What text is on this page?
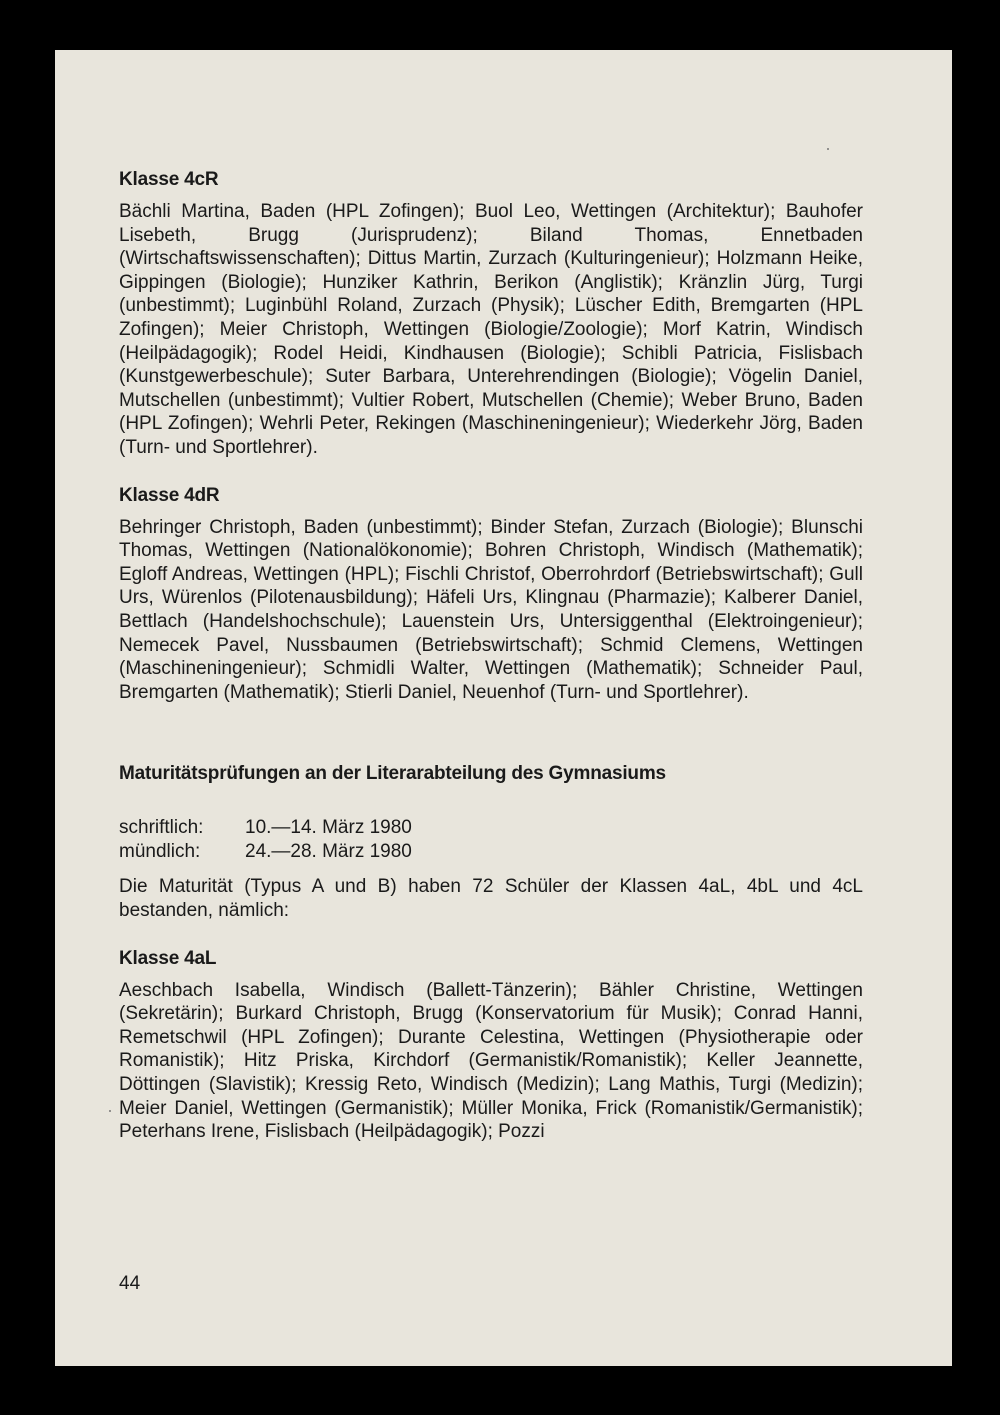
Klasse 4cR

Bächli Martina, Baden (HPL Zofingen); Buol Leo, Wettingen (Architektur); Bauhofer Lisebeth, Brugg (Jurisprudenz); Biland Thomas, Ennetbaden (Wirtschaftswissenschaften); Dittus Martin, Zurzach (Kulturingenieur); Holzmann Heike, Gippingen (Biologie); Hunziker Kathrin, Berikon (Anglistik); Kränzlin Jürg, Turgi (unbestimmt); Luginbühl Roland, Zurzach (Physik); Lüscher Edith, Bremgarten (HPL Zofingen); Meier Christoph, Wettingen (Biologie/Zoologie); Morf Katrin, Windisch (Heilpädagogik); Rodel Heidi, Kindhausen (Biologie); Schibli Patricia, Fislisbach (Kunstgewerbeschule); Suter Barbara, Unterehrendingen (Biologie); Vögelin Daniel, Mutschellen (unbestimmt); Vultier Robert, Mutschellen (Chemie); Weber Bruno, Baden (HPL Zofingen); Wehrli Peter, Rekingen (Maschineningenieur); Wiederkehr Jörg, Baden (Turn- und Sportlehrer).

Klasse 4dR

Behringer Christoph, Baden (unbestimmt); Binder Stefan, Zurzach (Biologie); Blunschi Thomas, Wettingen (Nationalökonomie); Bohren Christoph, Windisch (Mathematik); Egloff Andreas, Wettingen (HPL); Fischli Christof, Oberrohrdorf (Betriebswirtschaft); Gull Urs, Würenlos (Pilotenausbildung); Häfeli Urs, Klingnau (Pharmazie); Kalberer Daniel, Bettlach (Handelshochschule); Lauenstein Urs, Untersiggenthal (Elektroingenieur); Nemecek Pavel, Nussbaumen (Betriebswirtschaft); Schmid Clemens, Wettingen (Maschineningenieur); Schmidli Walter, Wettingen (Mathematik); Schneider Paul, Bremgarten (Mathematik); Stierli Daniel, Neuenhof (Turn- und Sportlehrer).

Maturitätsprüfungen an der Literarabteilung des Gymnasiums
schriftlich:	10.—14. März 1980
mündlich:	24.—28. März 1980

Die Maturität (Typus A und B) haben 72 Schüler der Klassen 4aL, 4bL und 4cL bestanden, nämlich:

Klasse 4aL

Aeschbach Isabella, Windisch (Ballett-Tänzerin); Bähler Christine, Wettingen (Sekretärin); Burkard Christoph, Brugg (Konservatorium für Musik); Conrad Hanni, Remetschwil (HPL Zofingen); Durante Celestina, Wettingen (Physiotherapie oder Romanistik); Hitz Priska, Kirchdorf (Germanistik/Romanistik); Keller Jeannette, Döttingen (Slavistik); Kressig Reto, Windisch (Medizin); Lang Mathis, Turgi (Medizin); Meier Daniel, Wettingen (Germanistik); Müller Monika, Frick (Romanistik/Germanistik); Peterhans Irene, Fislisbach (Heilpädagogik); Pozzi

44
